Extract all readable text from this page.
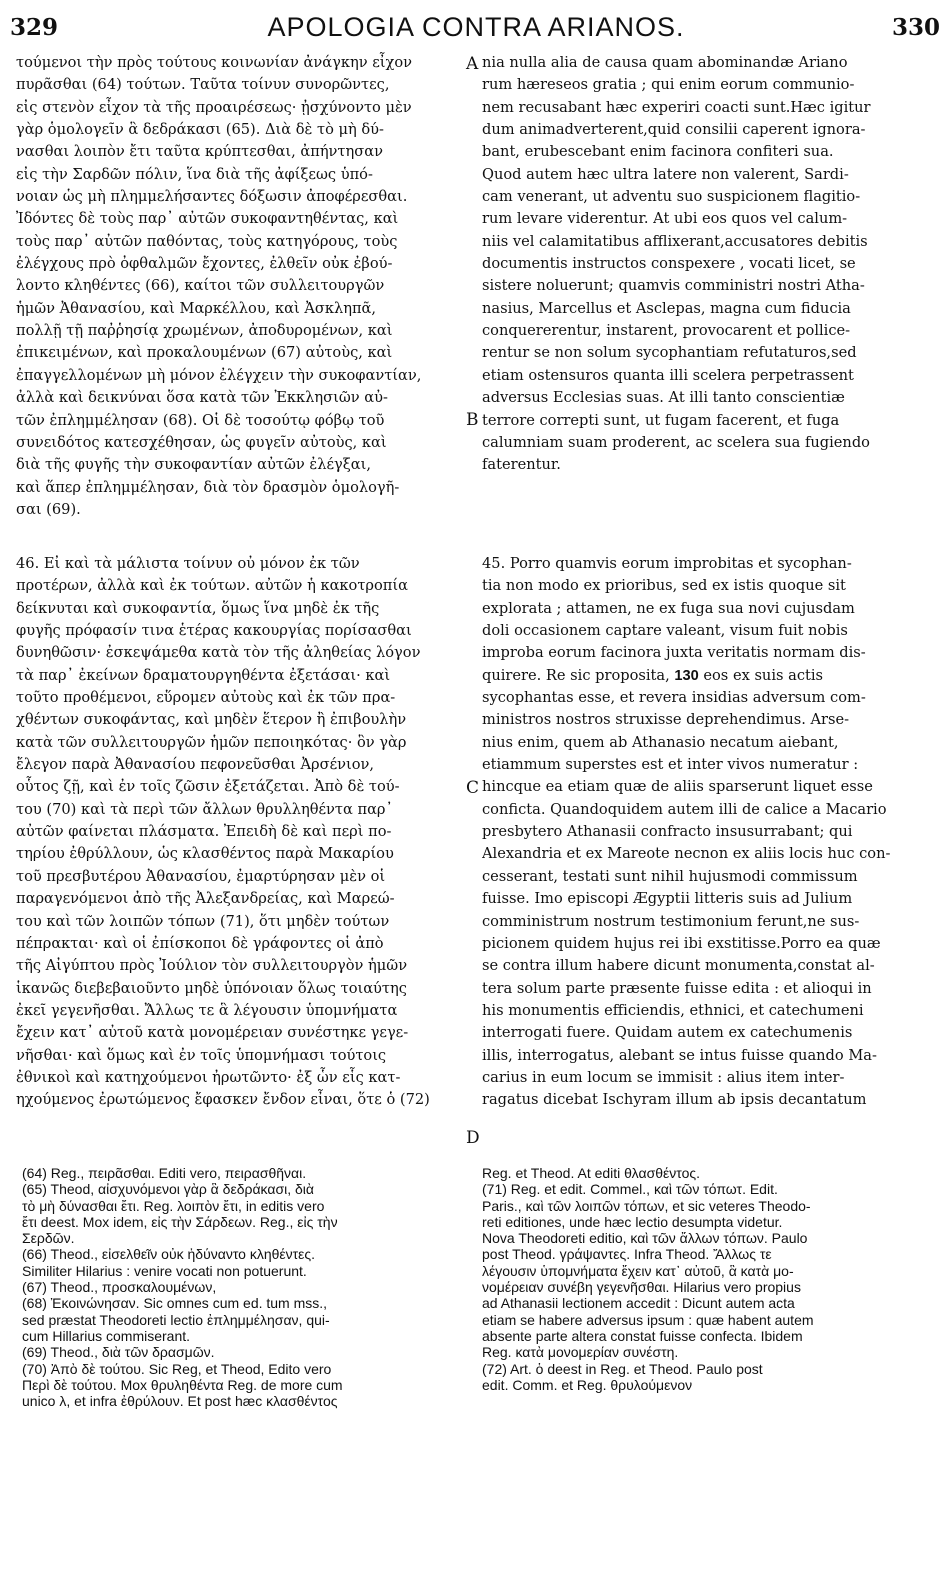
329	APOLOGIA CONTRA ARIANOS.	330
τούμενοι τὴν πρὸς τούτους κοινωνίαν ἀνάγκην εἶχον
πυρᾶσθαι (64) τούτων. Ταῦτα τοίνυν συνορῶντες,
εἰς στενὸν εἶχον τὰ τῆς προαιρέσεως· ᾐσχύνοντο μὲν
γὰρ ὁμολογεῖν ἃ δεδράκασι (65). Διὰ δὲ τὸ μὴ δύ-
νασθαι λοιπὸν ἔτι ταῦτα κρύπτεσθαι, ἀπήντησαν
εἰς τὴν Σαρδῶν πόλιν, ἵνα διὰ τῆς ἀφίξεως ὑπό-
νοιαν ὡς μὴ πλημμελήσαντες δόξωσιν ἀποφέρεσθαι.
Ἰδόντες δὲ τοὺς παρ᾽ αὐτῶν συκοφαντηθέντας, καὶ
τοὺς παρ᾽ αὐτῶν παθόντας, τοὺς κατηγόρους, τοὺς
ἐλέγχους πρὸ ὀφθαλμῶν ἔχοντες, ἐλθεῖν οὐκ ἐβού-
λοντο κληθέντες (66), καίτοι τῶν συλλειτουργῶν
ἡμῶν Ἀθανασίου, καὶ Μαρκέλλου, καὶ Ἀσκληπᾶ,
πολλῇ τῇ παῤῥησίᾳ χρωμένων, ἀποδυρομένων, καὶ
ἐπικειμένων, καὶ προκαλουμένων (67) αὐτοὺς, καὶ
ἐπαγγελλομένων μὴ μόνον ἐλέγχειν τὴν συκοφαντίαν,
ἀλλὰ καὶ δεικνύναι ὅσα κατὰ τῶν Ἐκκλησιῶν αὐ-
τῶν ἐπλημμέλησαν (68). Οἱ δὲ τοσούτῳ φόβῳ τοῦ
συνειδότος κατεσχέθησαν, ὡς φυγεῖν αὐτοὺς, καὶ
διὰ τῆς φυγῆς τὴν συκοφαντίαν αὐτῶν ἐλέγξαι,
καὶ ἅπερ ἐπλημμέλησαν, διὰ τὸν δρασμὸν ὁμολογῆ-
σαι (69).
nia nulla alia de causa quam abominandæ Ariano
rum hæreseos gratia ; qui enim eorum communio-
nem recusabant hæc experiri coacti sunt.Hæc igitur
dum animadverterent,quid consilii caperent ignora-
bant, erubescebant enim facinora confiteri sua.
Quod autem hæc ultra latere non valerent, Sardi-
cam venerant, ut adventu suo suspicionem flagitio-
rum levare viderentur. At ubi eos quos vel calum-
niis vel calamitatibus afflixerant,accusatores debitis
documentis instructos conspexere , vocati licet, se
sistere noluerunt; quamvis comministri nostri Atha-
nasius, Marcellus et Asclepas, magna cum fiducia
conquererentur, instarent, provocarent et pollice-
rentur se non solum sycophantiam refutaturos,sed
etiam ostensuros quanta illi scelera perpetrassent
adversus Ecclesias suas. At illi tanto conscientiæ
terrore correpti sunt, ut fugam facerent, et fuga
calumniam suam proderent, ac scelera sua fugiendo
faterentur.
46. Εἰ καὶ τὰ μάλιστα τοίνυν οὐ μόνον ἐκ τῶν
προτέρων, ἀλλὰ καὶ ἐκ τούτων. αὐτῶν ἡ κακοτροπία
δείκνυται καὶ συκοφαντία, ὅμως ἵνα μηδὲ ἐκ τῆς
φυγῆς πρόφασίν τινα ἑτέρας κακουργίας πορίσασθαι
δυνηθῶσιν· ἐσκεψάμεθα κατὰ τὸν τῆς ἀληθείας λόγον
τὰ παρ᾽ ἐκείνων δραματουργηθέντα ἐξετάσαι· καὶ
τοῦτο προθέμενοι, εὕρομεν αὐτοὺς καὶ ἐκ τῶν πρα-
χθέντων συκοφάντας, καὶ μηδὲν ἕτερον ἢ ἐπιβουλὴν
κατὰ τῶν συλλειτουργῶν ἡμῶν πεποιηκότας· ὃν γὰρ
ἔλεγον παρὰ Ἀθανασίου πεφονεῦσθαι Ἀρσένιον,
οὗτος ζῇ, καὶ ἐν τοῖς ζῶσιν ἐξετάζεται. Ἀπὸ δὲ τού-
του (70) καὶ τὰ περὶ τῶν ἄλλων θρυλληθέντα παρ᾽
αὐτῶν φαίνεται πλάσματα. Ἐπειδὴ δὲ καὶ περὶ πο-
τηρίου ἐθρύλλουν, ὡς κλασθέντος παρὰ Μακαρίου
τοῦ πρεσβυτέρου Ἀθανασίου, ἐμαρτύρησαν μὲν οἱ
παραγενόμενοι ἀπὸ τῆς Ἀλεξανδρείας, καὶ Μαρεώ-
του καὶ τῶν λοιπῶν τόπων (71), ὅτι μηδὲν τούτων
πέπρακται· καὶ οἱ ἐπίσκοποι δὲ γράφοντες οἱ ἀπὸ
τῆς Αἰγύπτου πρὸς Ἰούλιον τὸν συλλειτουργὸν ἡμῶν
ἱκανῶς διεβεβαιοῦντο μηδὲ ὑπόνοιαν ὅλως τοιαύτης
ἐκεῖ γεγενῆσθαι. Ἄλλως τε ἃ λέγουσιν ὑπομνήματα
ἔχειν κατ᾽ αὐτοῦ κατὰ μονομέρειαν συνέστηκε γεγε-
νῆσθαι· καὶ ὅμως καὶ ἐν τοῖς ὑπομνήμασι τούτοις
ἐθνικοὶ καὶ κατηχούμενοι ἠρωτῶντο· ἐξ ὧν εἷς κατ-
ηχούμενος ἐρωτώμενος ἔφασκεν ἔνδον εἶναι, ὅτε ὁ (72)
45. Porro quamvis eorum improbitas et sycophan-
tia non modo ex prioribus, sed ex istis quoque sit
explorata ; attamen, ne ex fuga sua novi cujusdam
doli occasionem captare valeant, visum fuit nobis
improba eorum facinora juxta veritatis normam dis-
quirere. Re sic proposita, 130 eos ex suis actis
sycophantas esse, et revera insidias adversum com-
ministros nostros struxisse deprehendimus. Arse-
nius enim, quem ab Athanasio necatum aiebant,
etiammum superstes est et inter vivos numeratur :
hincque ea etiam quæ de aliis sparserunt liquet esse
conficta. Quandoquidem autem illi de calice a Macario
presbytero Athanasii confracto insusurrabant; qui
Alexandria et ex Mareote necnon ex aliis locis huc con-
cesserant, testati sunt nihil hujusmodi commissum
fuisse. Imo episcopi Ægyptii litteris suis ad Julium
comministrum nostrum testimonium ferunt,ne sus-
picionem quidem hujus rei ibi exstitisse.Porro ea quæ
se contra illum habere dicunt monumenta,constat al-
tera solum parte præsente fuisse edita : et alioqui in
his monumentis efficiendis, ethnici, et catechumeni
interrogati fuere. Quidam autem ex catechumenis
illis, interrogatus, alebant se intus fuisse quando Ma-
carius in eum locum se immisit : alius item inter-
ragatus dicebat Ischyram illum ab ipsis decantatum
A
B
C
D
(64) Reg., πειρᾶσθαι. Editi vero, πειρασθῆναι.
(65) Theod, αἰσχυνόμενοι γὰρ ἃ δεδράκασι, διὰ
τὸ μὴ δύνασθαι ἔτι. Reg. λοιπὸν ἔτι, in editis vero
ἔτι deest. Mox idem, εἰς τὴν Σάρδεων. Reg., εἰς τὴν
Σερδῶν.
(66) Theod., εἰσελθεῖν οὐκ ἠδύναντο κληθέντες.
Similiter Hilarius : venire vocati non potuerunt.
(67) Theod., προσκαλουμένων,
(68) Ἐκοινώνησαν. Sic omnes cum ed. tum mss.,
sed præstat Theodoreti lectio ἐπλημμέλησαν, qui-
cum Hillarius commiserant.
(69) Theod., διὰ τῶν δρασμῶν.
(70) Ἀπὸ δὲ τούτου. Sic Reg, et Theod, Edito vero
Περὶ δὲ τούτου. Mox θρυληθέντα Reg. de more cum
unico λ, et infra ἐθρύλουν. Et post hæc κλασθέντος
Reg. et Theod. At editi θλασθέντος.
(71) Reg. et edit. Commel., καὶ τῶν τόπωτ. Edit.
Paris., καὶ τῶν λοιπῶν τόπων, et sic veteres Theodo-
reti editiones, unde hæc lectio desumpta videtur.
Nova Theodoreti editio, καὶ τῶν ἄλλων τόπων. Paulo
post Theod. γράψαντες. Infra Theod. Ἄλλως τε
λέγουσιν ὑπομνήματα ἔχειν κατ᾽ αὐτοῦ, ἃ κατὰ μο-
νομέρειαν συνέβη γεγενῆσθαι. Hilarius vero propius
ad Athanasii lectionem accedit : Dicunt autem acta
etiam se habere adversus ipsum : quæ habent autem
absente parte altera constat fuisse confecta. Ibidem
Reg. κατὰ μονομερίαν συνέστη.
(72) Art. ὁ deest in Reg. et Theod. Paulo post
edit. Comm. et Reg. θρυλούμενον
